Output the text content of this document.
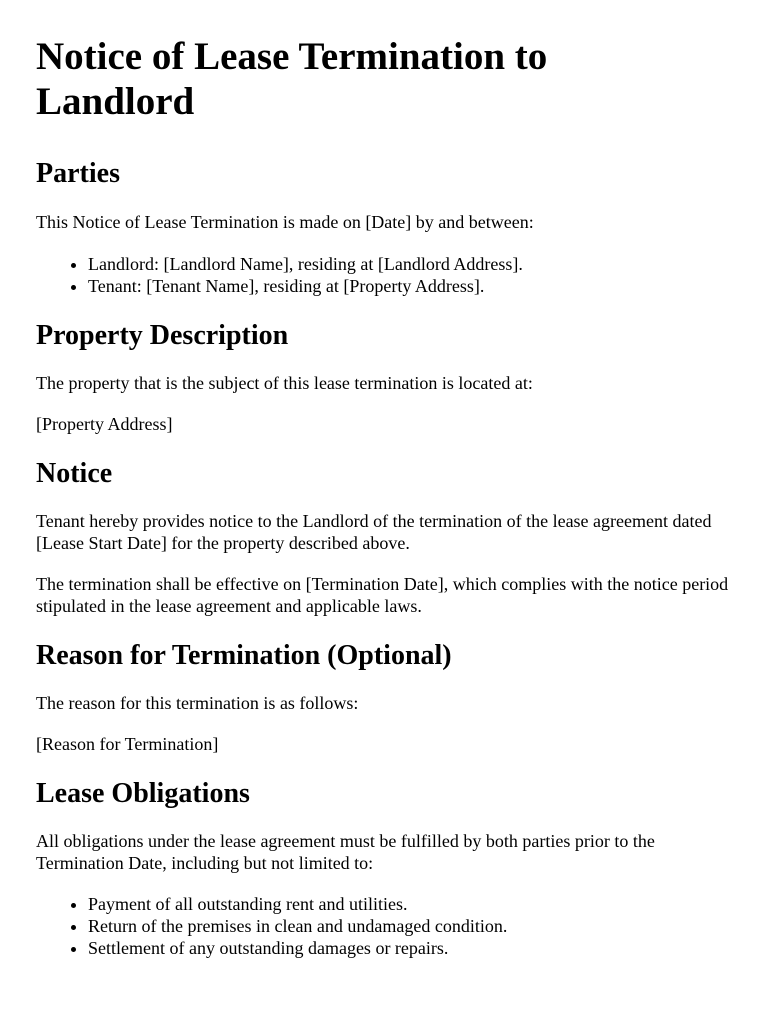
Notice of Lease Termination to Landlord
Parties

This Notice of Lease Termination is made on [Date] by and between:

• Landlord: [Landlord Name], residing at [Landlord Address].
• Tenant: [Tenant Name], residing at [Property Address].
Property Description

The property that is the subject of this lease termination is located at:

[Property Address]

Notice

Tenant hereby provides notice to the Landlord of the termination of the lease agreement dated [Lease Start Date] for the property described above.

The termination shall be effective on [Termination Date], which complies with the notice period stipulated in the lease agreement and applicable laws.

Reason for Termination (Optional)

The reason for this termination is as follows:

[Reason for Termination]

Lease Obligations

All obligations under the lease agreement must be fulfilled by both parties prior to the Termination Date, including but not limited to:

• Payment of all outstanding rent and utilities.
• Return of the premises in clean and undamaged condition.
• Settlement of any outstanding damages or repairs.
